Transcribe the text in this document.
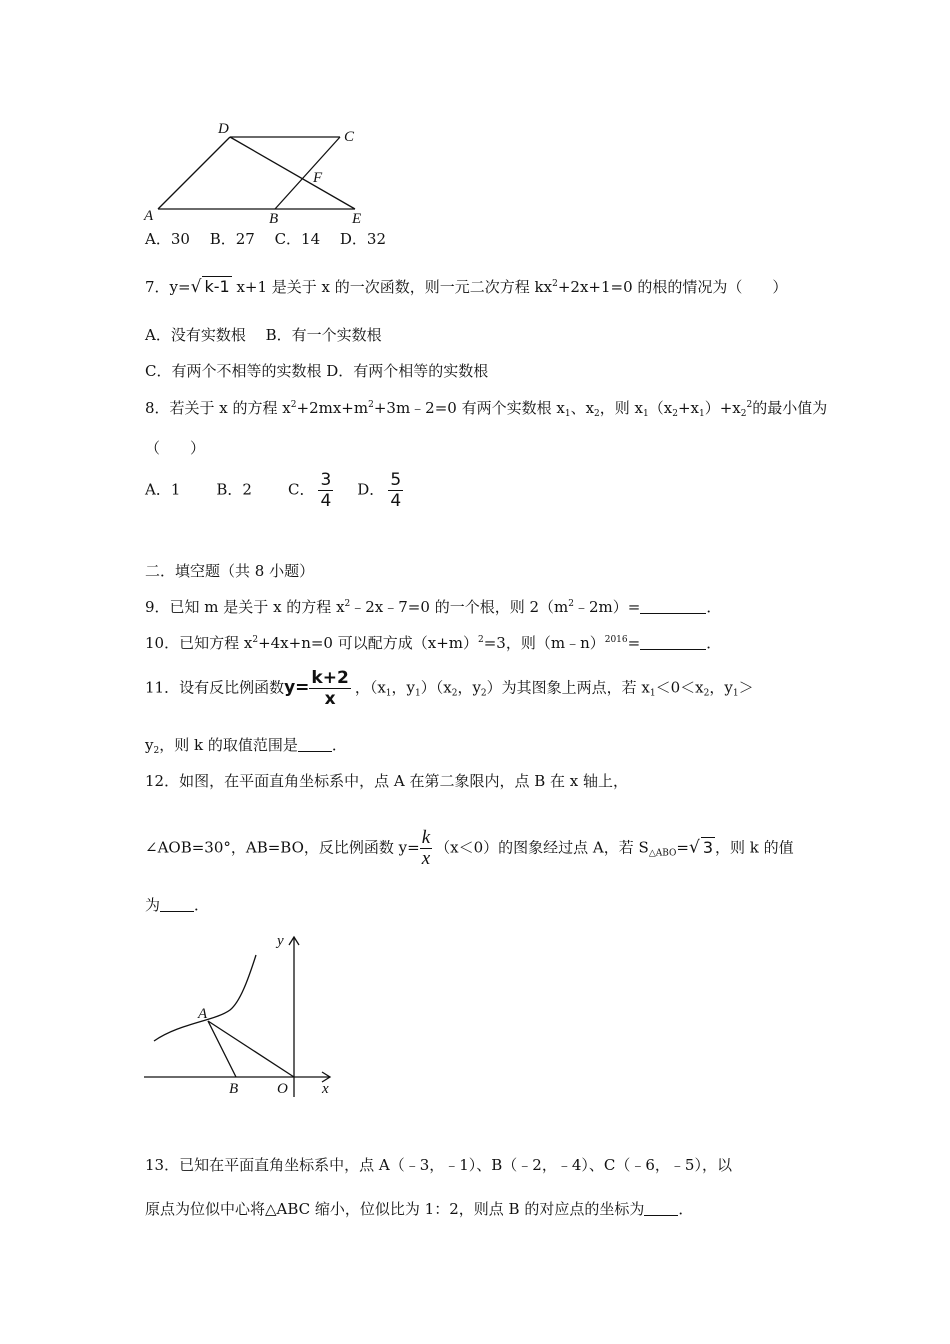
D	C
F
A	B	E
A．30　 B．27　 C．14　 D．32
7．y=√ k-1 x+1 是关于 x 的一次函数，则一元二次方程 $kx^2+2x+1=0$ 的根的情况为（　　）
A．没有实数根　 B．有一个实数根
C．有两个不相等的实数根 D．有两个相等的实数根
8．若关于 x 的方程 $x^2+2mx+m^2+3m﹣2=0$ 有两个实数根 $x_1$、$x_2$，则 $x_1(x_2+x_1)+x_2^2$的最小值为
（　　）
A．1 B．2 C． $\frac{3}{4}$ D． $\frac{5}{4}$
二．填空题（共 8 小题）
9．已知 m 是关于 x 的方程 $x^2﹣2x﹣7=0$ 的一个根，则 $2(m^2﹣2m)=$	．
10．已知方程 $x^2+4x+n=0$ 可以配方成$(x+m)^2=3$，则（m﹣n）$^{2016}$=	．
11．设有反比例函数$y= \frac{k+2}{x}$ ，（$x_1$，$y_1)(x_2$，$y_2$）为其图象上两点，若 $x_1<0<x_2$，$y_1>$
$y_2$，则 k 的取值范围是 ．
12．如图，在平面直角坐标系中，点 A 在第二象限内，点 B 在 x 轴上，
∠AOB=30°，AB=BO，反比例函数 $y= \frac{k}{x} (x<0)$的图象经过点 A，若 $S_{\triangle ABO}=√$ 3 ，则 k 的值
为 ．
y
x
A
B	O
13．已知在平面直角坐标系中，点 A（﹣3，﹣1）、B（﹣2，﹣4）、C（﹣6，﹣5），以
原点为位似中心将△ABC 缩小，位似比为 1：2，则点 B 的对应点的坐标为 ．
